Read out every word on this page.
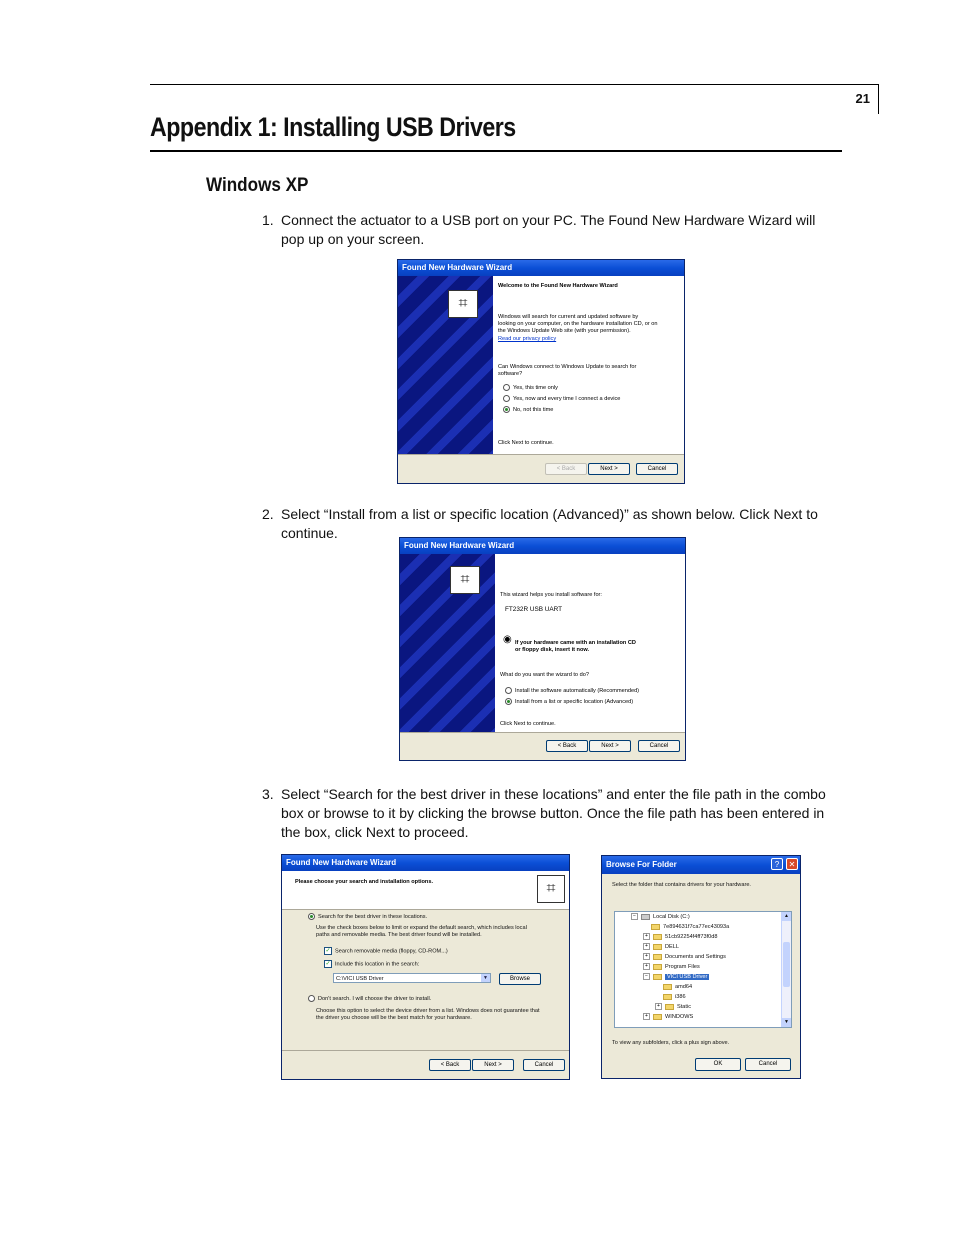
21
Appendix 1: Installing USB Drivers
Windows XP
1. Connect the actuator to a USB port on your PC. The Found New Hardware Wizard will pop up on your screen.
Found New Hardware Wizard
⌗
Welcome to the Found New Hardware Wizard
Windows will search for current and updated software by
looking on your computer, on the hardware installation CD, or on
the Windows Update Web site (with your permission).
Read our privacy policy
Can Windows connect to Windows Update to search for
software?
Yes, this time only
Yes, now and every time I connect a device
No, not this time
Click Next to continue.
< Back	Next >	Cancel
2. Select “Install from a list or specific location (Advanced)” as shown below. Click Next to continue.
Found New Hardware Wizard
⌗
This wizard helps you install software for:
FT232R USB UART
◉ If your hardware came with an installation CD
or floppy disk, insert it now.
What do you want the wizard to do?
Install the software automatically (Recommended)
Install from a list or specific location (Advanced)
Click Next to continue.
< Back	Next >	Cancel
3. Select “Search for the best driver in these locations” and enter the file path in the combo box or browse to it by clicking the browse button. Once the file path has been entered in the box, click Next to proceed.
Found New Hardware Wizard
Please choose your search and installation options.	⌗
Search for the best driver in these locations.
Use the check boxes below to limit or expand the default search, which includes local
paths and removable media. The best driver found will be installed.
✓ Search removable media (floppy, CD-ROM...)
✓ Include this location in the search:
C:\VICI USB Driver	▼	Browse
Don't search. I will choose the driver to install.
Choose this option to select the device driver from a list. Windows does not guarantee that
the driver you choose will be the best match for your hardware.
< Back	Next >	Cancel
Browse For Folder	?	✕
Select the folder that contains drivers for your hardware.
−	Local Disk (C:)
7e894631f7ca77ec43093a
+	51cb92254f4ff73f0d8
+	DELL
+	Documents and Settings
+	Program Files
−	VICI USB Driver
amd64
i386
+	Static
+	WINDOWS
▲
▼
To view any subfolders, click a plus sign above.
OK	Cancel
